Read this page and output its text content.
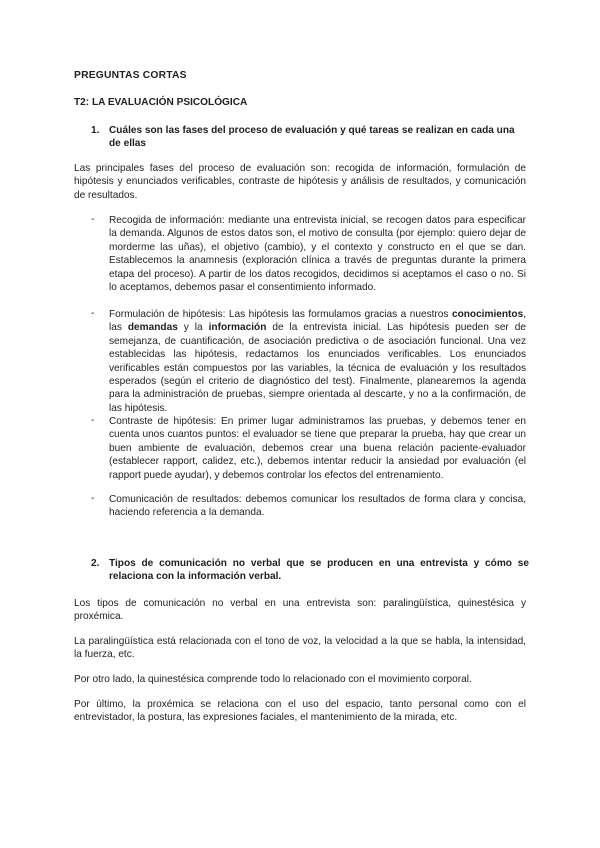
PREGUNTAS CORTAS
T2: LA EVALUACIÓN PSICOLÓGICA
1. Cuáles son las fases del proceso de evaluación y qué tareas se realizan en cada una de ellas
Las principales fases del proceso de evaluación son: recogida de información, formulación de hipótesis y enunciados verificables, contraste de hipótesis y análisis de resultados, y comunicación de resultados.
- Recogida de información: mediante una entrevista inicial, se recogen datos para especificar la demanda. Algunos de estos datos son, el motivo de consulta (por ejemplo: quiero dejar de morderme las uñas), el objetivo (cambio), y el contexto y constructo en el que se dan. Establecemos la anamnesis (exploración clínica a través de preguntas durante la primera etapa del proceso). A partir de los datos recogidos, decidimos si aceptamos el caso o no. Si lo aceptamos, debemos pasar el consentimiento informado.
- Formulación de hipótesis: Las hipótesis las formulamos gracias a nuestros conocimientos, las demandas y la información de la entrevista inicial. Las hipótesis pueden ser de semejanza, de cuantificación, de asociación predictiva o de asociación funcional. Una vez establecidas las hipótesis, redactamos los enunciados verificables. Los enunciados verificables están compuestos por las variables, la técnica de evaluación y los resultados esperados (según el criterio de diagnóstico del test). Finalmente, planearemos la agenda para la administración de pruebas, siempre orientada al descarte, y no a la confirmación, de las hipótesis.
- Contraste de hipótesis: En primer lugar administramos las pruebas, y debemos tener en cuenta unos cuantos puntos: el evaluador se tiene que preparar la prueba, hay que crear un buen ambiente de evaluación, debemos crear una buena relación paciente-evaluador (establecer rapport, calidez, etc.), debemos intentar reducir la ansiedad por evaluación (el rapport puede ayudar), y debemos controlar los efectos del entrenamiento.
- Comunicación de resultados: debemos comunicar los resultados de forma clara y concisa, haciendo referencia a la demanda.
2. Tipos de comunicación no verbal que se producen en una entrevista y cómo se relaciona con la información verbal.
Los tipos de comunicación no verbal en una entrevista son: paralingüística, quinestésica y proxémica.
La paralingüística está relacionada con el tono de voz, la velocidad a la que se habla, la intensidad, la fuerza, etc.
Por otro lado, la quinestésica comprende todo lo relacionado con el movimiento corporal.
Por último, la proxémica se relaciona con el uso del espacio, tanto personal como con el entrevistador, la postura, las expresiones faciales, el mantenimiento de la mirada, etc.
